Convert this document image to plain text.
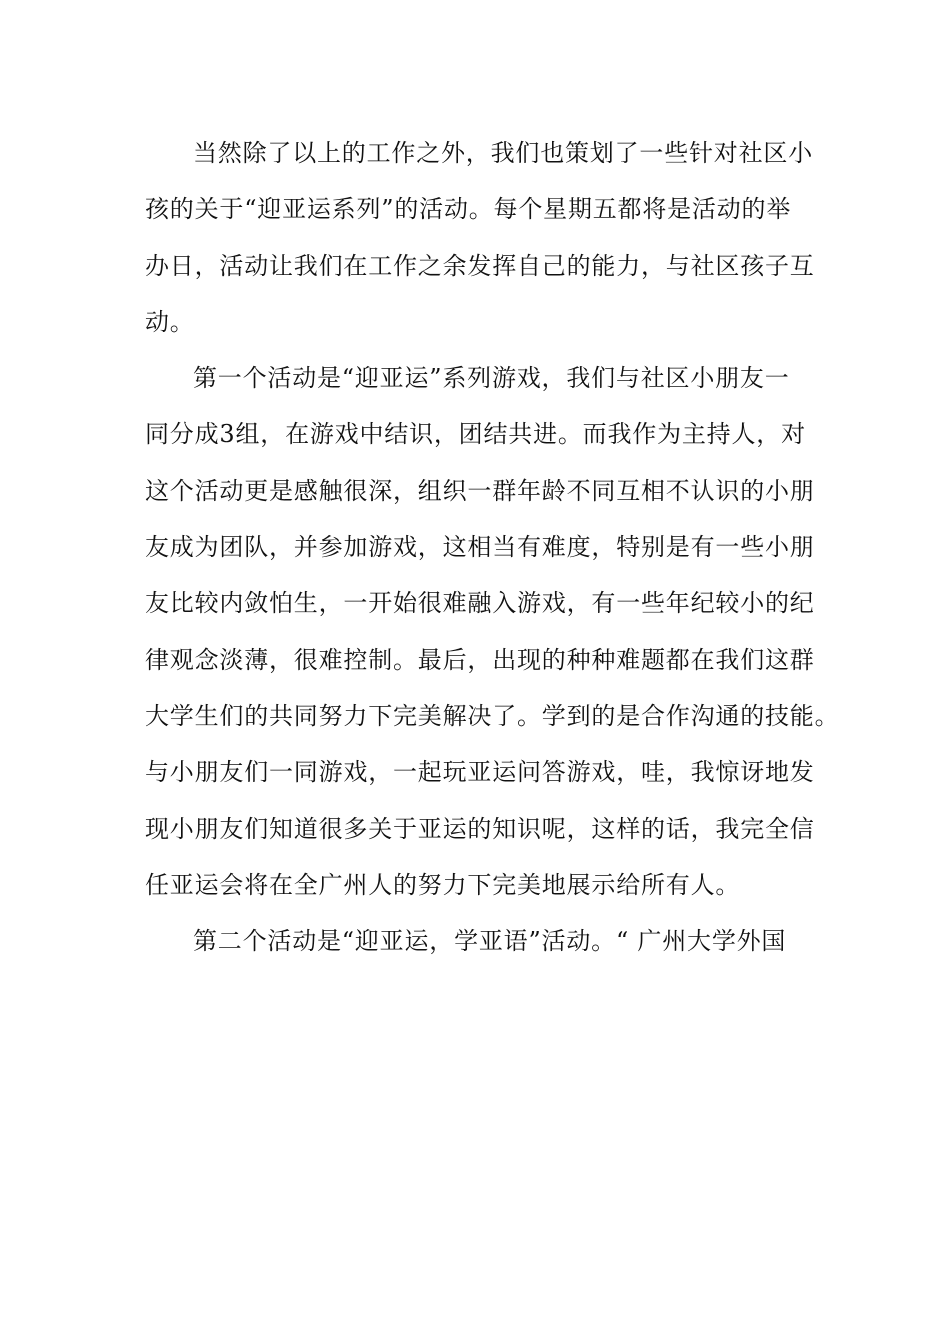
当然除了以上的工作之外，我们也策划了一些针对社区小
孩的关于“迎亚运系列”的活动。每个星期五都将是活动的举
办日，活动让我们在工作之余发挥自己的能力，与社区孩子互
动。
第一个活动是“迎亚运”系列游戏，我们与社区小朋友一
同分成3组，在游戏中结识，团结共进。而我作为主持人，对
这个活动更是感触很深，组织一群年龄不同互相不认识的小朋
友成为团队，并参加游戏，这相当有难度，特别是有一些小朋
友比较内敛怕生，一开始很难融入游戏，有一些年纪较小的纪
律观念淡薄，很难控制。最后，出现的种种难题都在我们这群
大学生们的共同努力下完美解决了。学到的是合作沟通的技能。
与小朋友们一同游戏，一起玩亚运问答游戏，哇，我惊讶地发
现小朋友们知道很多关于亚运的知识呢，这样的话，我完全信
任亚运会将在全广州人的努力下完美地展示给所有人。
第二个活动是“迎亚运，学亚语”活动。“ 广州大学外国
